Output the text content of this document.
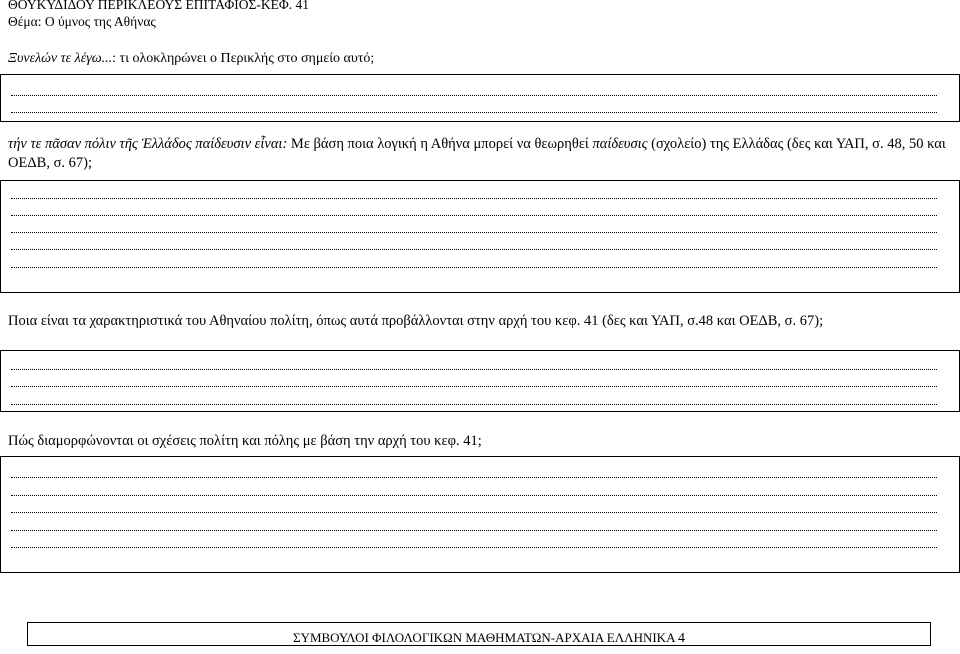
ΘΟΥΚΥΔΙΔΟΥ ΠΕΡΙΚΛΕΟΥΣ ΕΠΙΤΑΦΙΟΣ-ΚΕΦ. 41
Θέμα: Ο ύμνος της Αθήνας
Ξυνελών τε λέγω...: τι ολοκληρώνει ο Περικλής στο σημείο αυτό;
τήν τε πᾶσαν πόλιν τῆς Ἑλλάδος παίδευσιν εἶναι: Με βάση ποια λογική η Αθήνα μπορεί να θεωρηθεί παίδευσις (σχολείο) της Ελλάδας (δες και ΥΑΠ, σ. 48, 50 και ΟΕΔΒ, σ. 67);
Ποια είναι τα χαρακτηριστικά του Αθηναίου πολίτη, όπως αυτά προβάλλονται στην αρχή του κεφ. 41 (δες και ΥΑΠ, σ.48 και ΟΕΔΒ, σ. 67);
Πώς διαμορφώνονται οι σχέσεις πολίτη και πόλης με βάση την αρχή του κεφ. 41;
ΣΥΜΒΟΥΛΟΙ ΦΙΛΟΛΟΓΙΚΩΝ ΜΑΘΗΜΑΤΩΝ-ΑΡΧΑΙΑ ΕΛΛΗΝΙΚΑ 4
